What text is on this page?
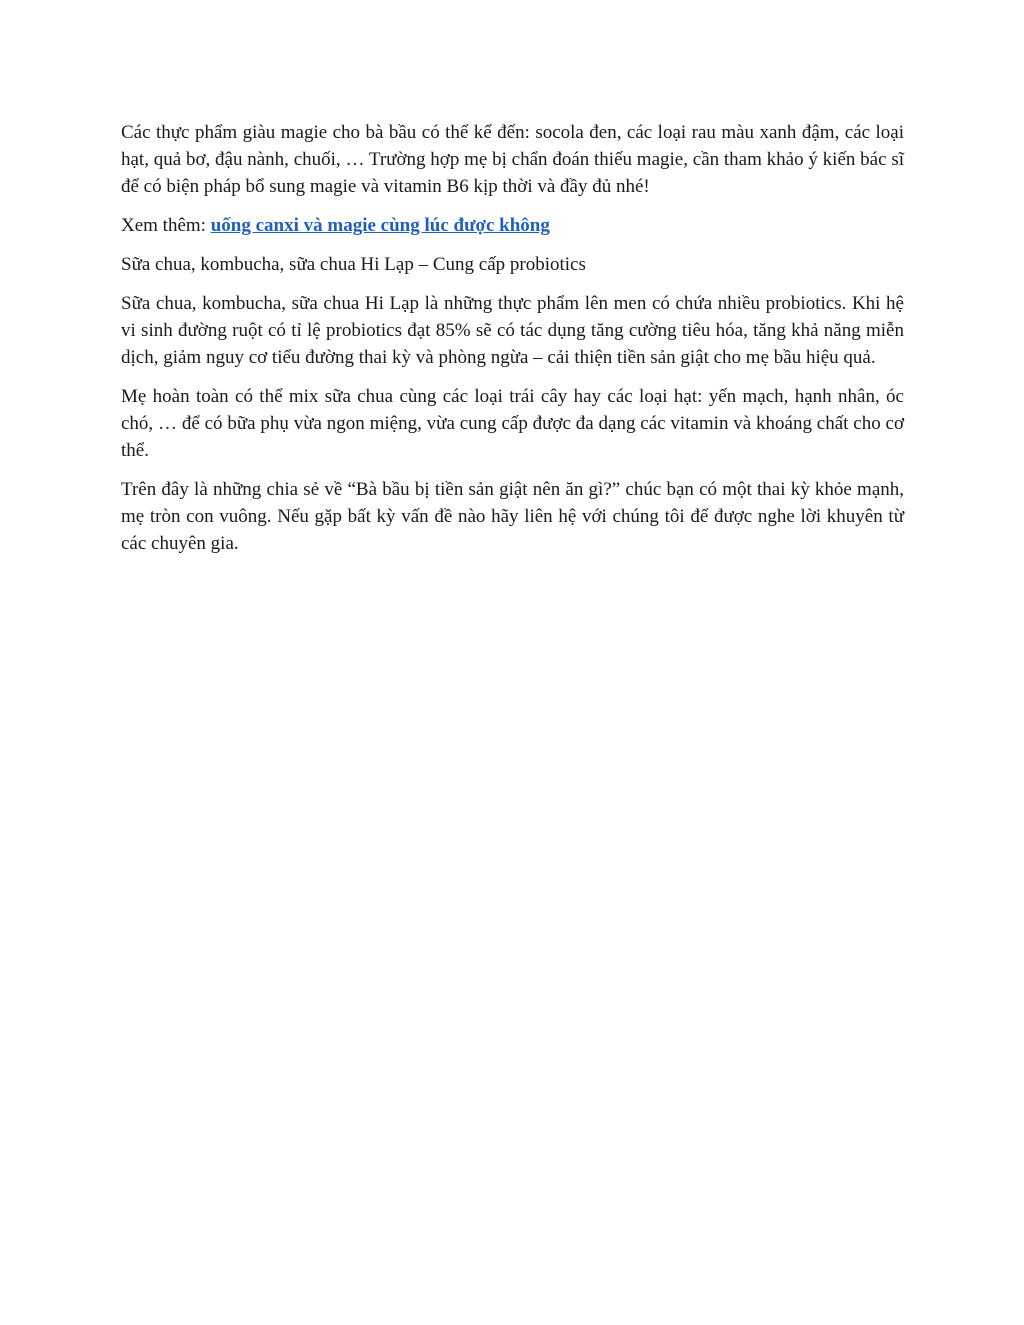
Các thực phẩm giàu magie cho bà bầu có thể kể đến: socola đen, các loại rau màu xanh đậm, các loại hạt, quả bơ, đậu nành, chuối, … Trường hợp mẹ bị chẩn đoán thiếu magie, cần tham khảo ý kiến bác sĩ để có biện pháp bổ sung magie và vitamin B6 kịp thời và đầy đủ nhé!

Xem thêm: uống canxi và magie cùng lúc được không

Sữa chua, kombucha, sữa chua Hi Lạp – Cung cấp probiotics

Sữa chua, kombucha, sữa chua Hi Lạp là những thực phẩm lên men có chứa nhiều probiotics. Khi hệ vi sinh đường ruột có tỉ lệ probiotics đạt 85% sẽ có tác dụng tăng cường tiêu hóa, tăng khả năng miễn dịch, giảm nguy cơ tiểu đường thai kỳ và phòng ngừa – cải thiện tiền sản giật cho mẹ bầu hiệu quả.

Mẹ hoàn toàn có thể mix sữa chua cùng các loại trái cây hay các loại hạt: yến mạch, hạnh nhân, óc chó, … để có bữa phụ vừa ngon miệng, vừa cung cấp được đa dạng các vitamin và khoáng chất cho cơ thể.

Trên đây là những chia sẻ về “Bà bầu bị tiền sản giật nên ăn gì?” chúc bạn có một thai kỳ khỏe mạnh, mẹ tròn con vuông. Nếu gặp bất kỳ vấn đề nào hãy liên hệ với chúng tôi để được nghe lời khuyên từ các chuyên gia.
